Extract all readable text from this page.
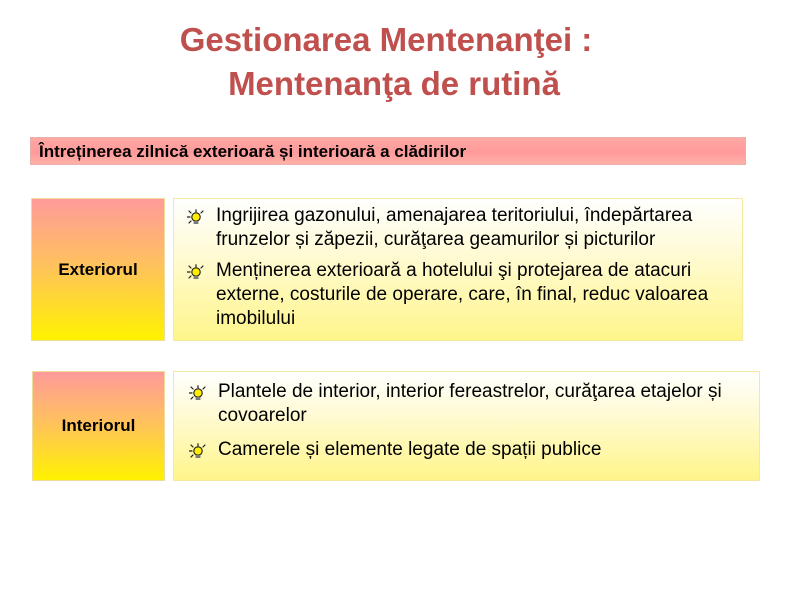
Gestionarea Mentenanţei :
Mentenanţa de rutină
Întreținerea zilnică exterioară și interioară a clădirilor
Exteriorul
Ingrijirea gazonului, amenajarea teritoriului, îndepărtarea frunzelor și zăpezii, curăţarea geamurilor și picturilor
Menținerea exterioară a hotelului şi protejarea de atacuri externe, costurile de operare, care, în final, reduc valoarea imobilului
Interiorul
Plantele de interior, interior fereastrelor, curăţarea etajelor și covoarelor
Camerele și elemente legate de spații publice
